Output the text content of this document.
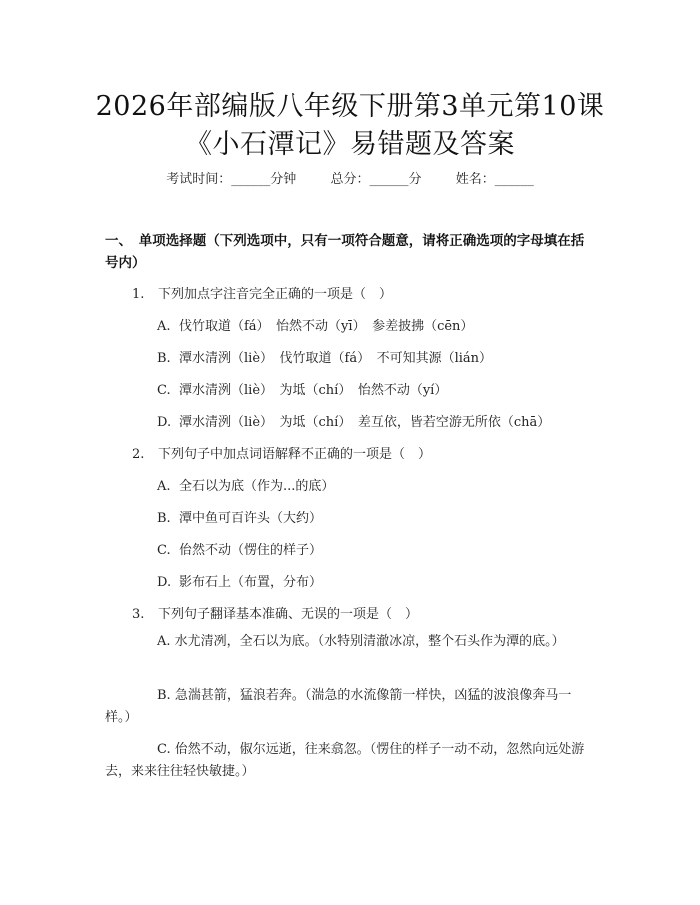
2026年部编版八年级下册第3单元第10课
《小石潭记》易错题及答案
考试时间：______分钟	总分：______分	姓名：______
一、　单项选择题（下列选项中，只有一项符合题意，请将正确选项的字母填在括号内）
1. 下列加点字注音完全正确的一项是（　）
A. 伐竹取道（fá）　怡然不动（yī）　参差披拂（cēn）
B. 潭水清洌（liè）　伐竹取道（fá）　不可知其源（lián）
C. 潭水清洌（liè）　为坻（chí）　怡然不动（yí）
D. 潭水清洌（liè）　为坻（chí）　差互依，皆若空游无所依（chā）
2. 下列句子中加点词语解释不正确的一项是（　）
A. 全石以为底（作为...的底）
B. 潭中鱼可百许头（大约）
C. 佁然不动（愣住的样子）
D. 影布石上（布置，分布）
3. 下列句子翻译基本准确、无误的一项是（　）
A. 水尤清冽，全石以为底。（水特别清澈冰凉，整个石头作为潭的底。）
B. 急湍甚箭，猛浪若奔。（湍急的水流像箭一样快，凶猛的波浪像奔马一样。）
C. 佁然不动，俶尔远逝，往来翕忽。（愣住的样子一动不动，忽然向远处游去，来来往往轻快敏捷。）
